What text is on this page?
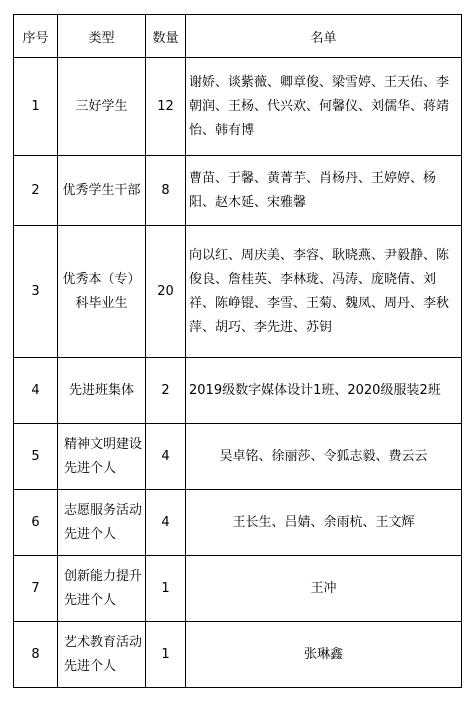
序号	类型	数量	名单
1	三好学生	12	谢娇、谈紫薇、卿章俊、梁雪婷、王天佑、李朝润、王杨、代兴欢、何馨仪、刘儒华、蒋靖怡、韩有博
2	优秀学生干部	8	曹苗、于馨、黄菁芋、肖杨丹、王婷婷、杨阳、赵木延、宋雅馨
3	优秀本（专）科毕业生	20	向以红、周庆美、李容、耿晓燕、尹毅静、陈俊良、詹桂英、李林珑、冯涛、庞晓倩、刘祥、陈峥锟、李雪、王菊、魏凤、周丹、李秋萍、胡巧、李先进、苏钥
4	先进班集体	2	2019级数字媒体设计1班、2020级服装2班
5	精神文明建设先进个人	4	吴卓铭、徐丽莎、令狐志毅、费云云
6	志愿服务活动先进个人	4	王长生、吕婧、余雨杭、王文辉
7	创新能力提升先进个人	1	王冲
8	艺术教育活动先进个人	1	张琳鑫
